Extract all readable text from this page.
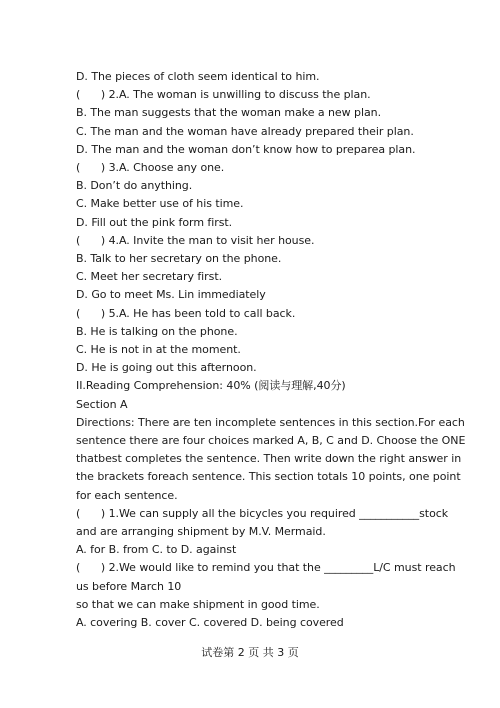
D. The pieces of cloth seem identical to him.
(      ) 2.A. The woman is unwilling to discuss the plan.
B. The man suggests that the woman make a new plan.
C. The man and the woman have already prepared their plan.
D. The man and the woman don’t know how to preparea plan.
(      ) 3.A. Choose any one.
B. Don’t do anything.
C. Make better use of his time.
D. Fill out the pink form first.
(      ) 4.A. Invite the man to visit her house.
B. Talk to her secretary on the phone.
C. Meet her secretary first.
D. Go to meet Ms. Lin immediately
(      ) 5.A. He has been told to call back.
B. He is talking on the phone.
C. He is not in at the moment.
D. He is going out this afternoon.
II.Reading Comprehension: 40% (阅读与理解,40分)
Section A
Directions: There are ten incomplete sentences in this section.For each
sentence there are four choices marked A, B, C and D. Choose the ONE
thatbest completes the sentence. Then write down the right answer in
the brackets foreach sentence. This section totals 10 points, one point
for each sentence.
(      ) 1.We can supply all the bicycles you required ___________stock
and are arranging shipment by M.V. Mermaid.
A. for B. from C. to D. against
(      ) 2.We would like to remind you that the _________L/C must reach
us before March 10
so that we can make shipment in good time.
A. covering B. cover C. covered D. being covered
试卷第 2 页 共 3 页
